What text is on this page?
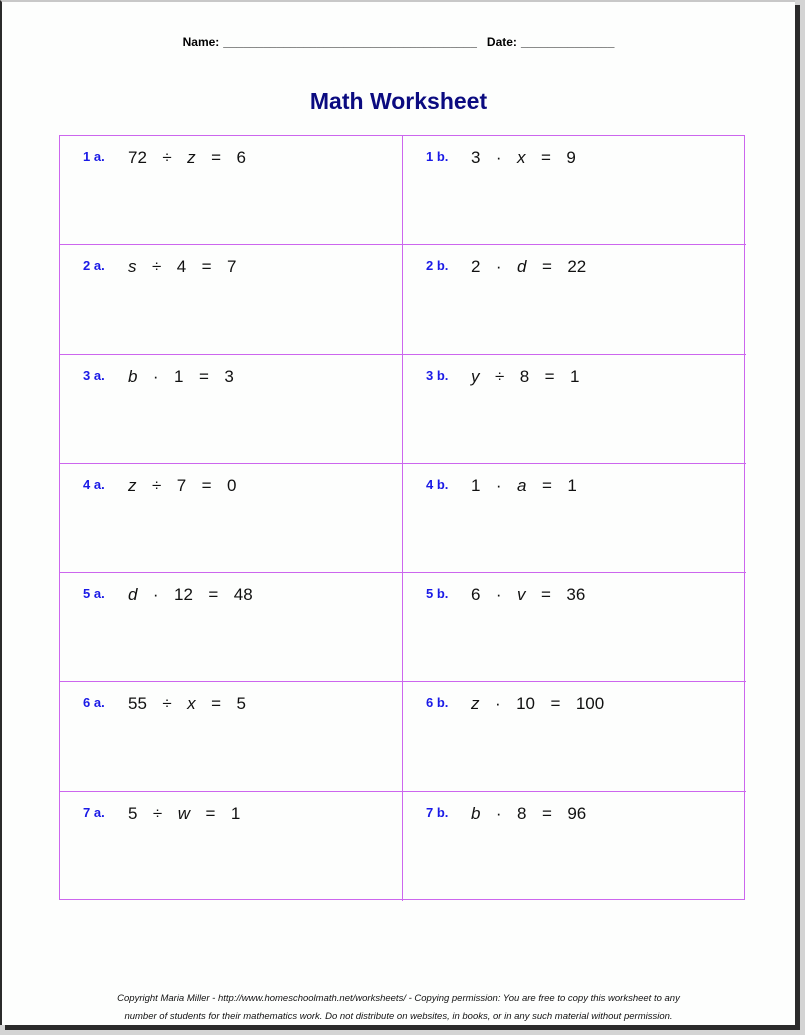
Name: ______________________________________ Date: ______________
Math Worksheet
1 a. 72 ÷ z  =  6	1 b. 3 · x  =  9
2 a. s ÷ 4  =  7	2 b. 2 · d  =  22
3 a. b · 1  =  3	3 b. y ÷ 8  =  1
4 a. z ÷ 7  =  0	4 b. 1 · a  =  1
5 a. d · 12  =  48	5 b. 6 · v  =  36
6 a. 55 ÷ x  =  5	6 b. z · 10  =  100
7 a. 5 ÷ w  =  1	7 b. b · 8  =  96
Copyright Maria Miller - http://www.homeschoolmath.net/worksheets/ - Copying permission: You are free to copy this worksheet to any
number of students for their mathematics work. Do not distribute on websites, in books, or in any such material without permission.
